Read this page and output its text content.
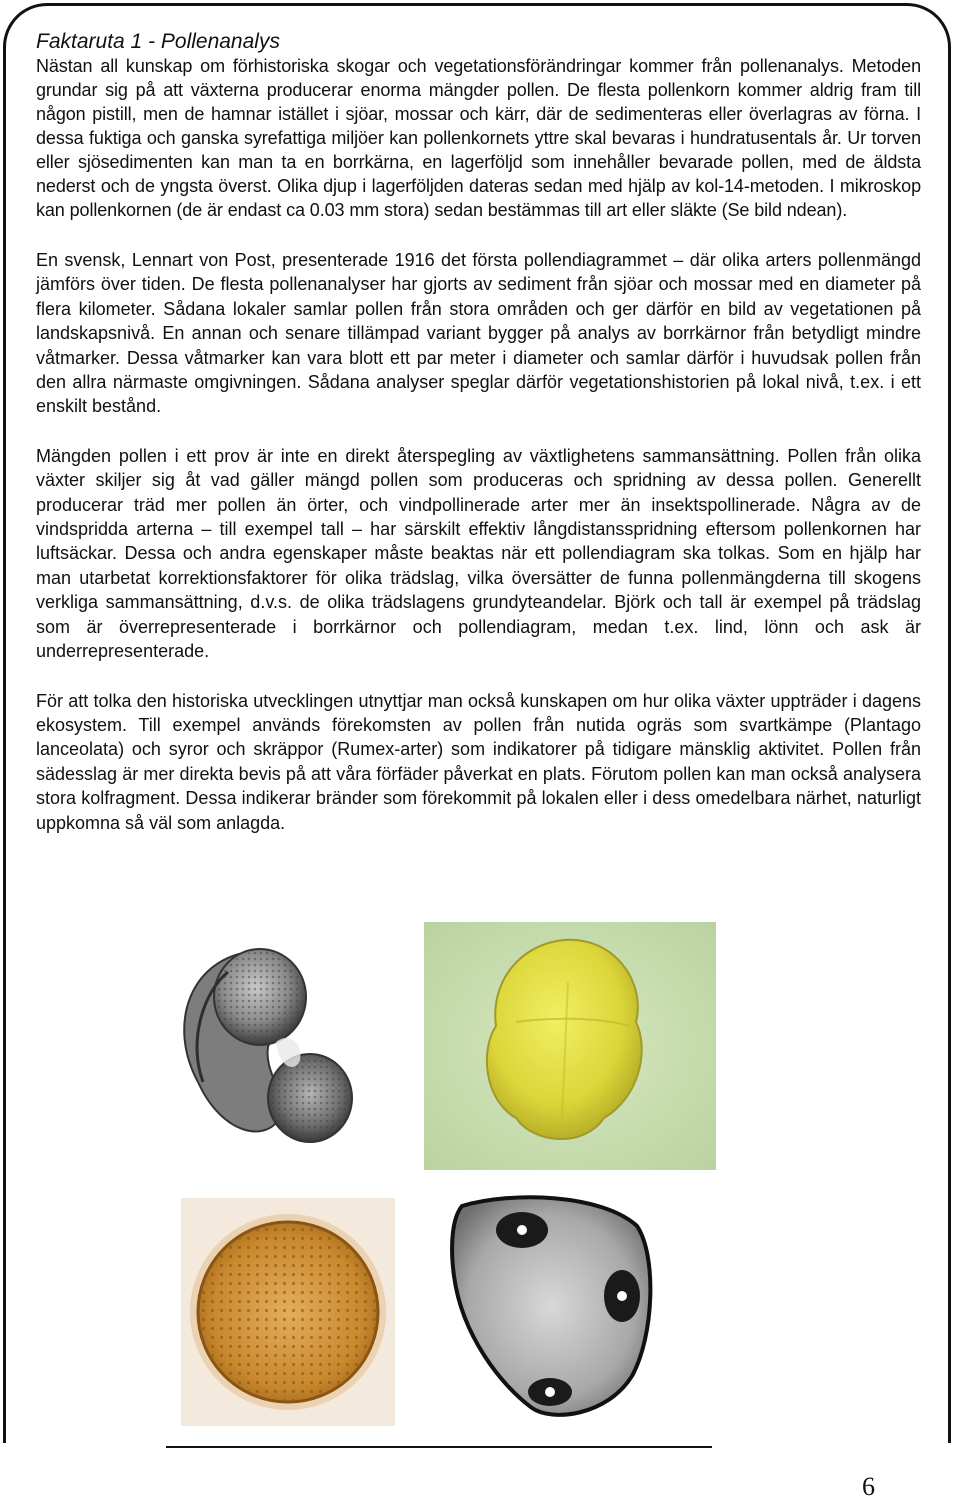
Faktaruta 1 - Pollenanalys

Nästan all kunskap om förhistoriska skogar och vegetationsförändringar kommer från pollenanalys. Metoden grundar sig på att växterna producerar enorma mängder pollen. De flesta pollenkorn kommer aldrig fram till någon pistill, men de hamnar istället i sjöar, mossar och kärr, där de sedimenteras eller överlagras av förna. I dessa fuktiga och ganska syrefattiga miljöer kan pollenkornets yttre skal bevaras i hundratusentals år. Ur torven eller sjösedimenten kan man ta en borrkärna, en lagerföljd som innehåller bevarade pollen, med de äldsta nederst och de yngsta överst. Olika djup i lagerföljden dateras sedan med hjälp av kol-14-metoden. I mikroskop kan pollenkornen (de är endast ca 0.03 mm stora) sedan bestämmas till art eller släkte (Se bild ndean).

En svensk, Lennart von Post, presenterade 1916 det första pollendiagrammet – där olika arters pollenmängd jämförs över tiden. De flesta pollenanalyser har gjorts av sediment från sjöar och mossar med en diameter på flera kilometer. Sådana lokaler samlar pollen från stora områden och ger därför en bild av vegetationen på landskapsnivå. En annan och senare tillämpad variant bygger på analys av borrkärnor från betydligt mindre våtmarker. Dessa våtmarker kan vara blott ett par meter i diameter och samlar därför i huvudsak pollen från den allra närmaste omgivningen. Sådana analyser speglar därför vegetationshistorien på lokal nivå, t.ex. i ett enskilt bestånd.

Mängden pollen i ett prov är inte en direkt återspegling av växtlighetens sammansättning. Pollen från olika växter skiljer sig åt vad gäller mängd pollen som produceras och spridning av dessa pollen. Generellt producerar träd mer pollen än örter, och vindpollinerade arter mer än insektspollinerade. Några av de vindspridda arterna – till exempel tall – har särskilt effektiv långdistansspridning eftersom pollenkornen har luftsäckar. Dessa och andra egenskaper måste beaktas när ett pollendiagram ska tolkas. Som en hjälp har man utarbetat korrektionsfaktorer för olika trädslag, vilka översätter de funna pollenmängderna till skogens verkliga sammansättning, d.v.s. de olika trädslagens grundyteandelar. Björk och tall är exempel på trädslag som är överrepresenterade i borrkärnor och pollendiagram, medan t.ex. lind, lönn och ask är underrepresenterade.

För att tolka den historiska utvecklingen utnyttjar man också kunskapen om hur olika växter uppträder i dagens ekosystem. Till exempel används förekomsten av pollen från nutida ogräs som svartkämpe (Plantago lanceolata) och syror och skräppor (Rumex-arter) som indikatorer på tidigare mänsklig aktivitet. Pollen från sädesslag är mer direkta bevis på att våra förfäder påverkat en plats. Förutom pollen kan man också analysera stora kolfragment. Dessa indikerar bränder som förekommit på lokalen eller i dess omedelbara närhet, naturligt uppkomna så väl som anlagda.

6
